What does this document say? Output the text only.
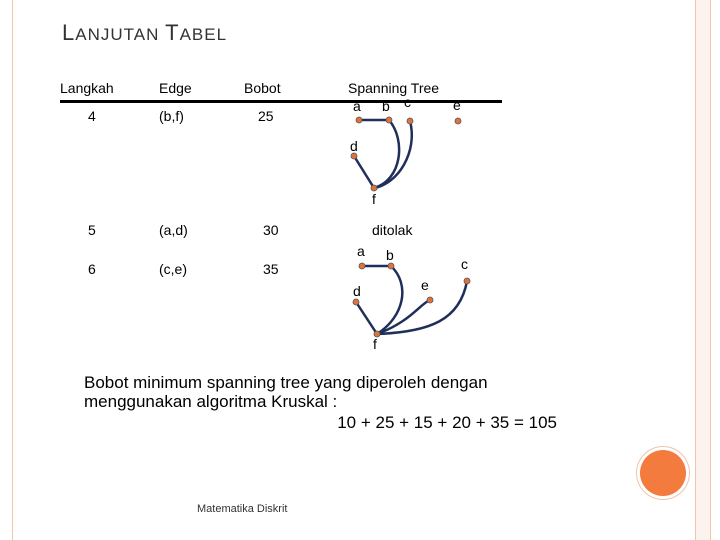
LANJUTAN TABEL
Langkah	Edge	Bobot	Spanning Tree
4	(b,f)	25
5	(a,d)	30	ditolak
6	(c,e)	35
a b c	e
d
f
a b
c
e
d
f
Bobot minimum spanning tree yang diperoleh dengan menggunakan algoritma Kruskal :
10 + 25 + 15 + 20 + 35 = 105
Matematika Diskrit
